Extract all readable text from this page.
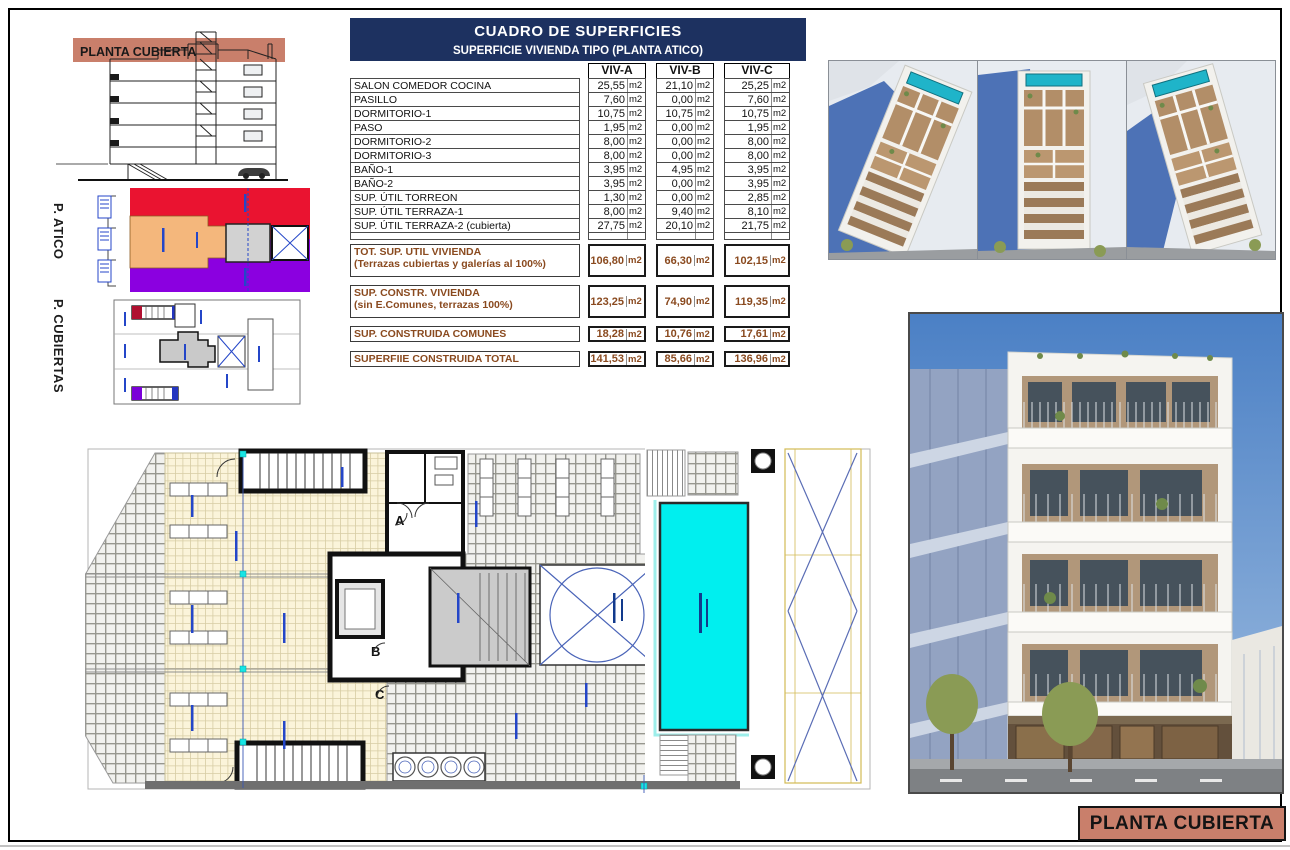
PLANTA CUBIERTA
P. ATICO
P. CUBIERTAS
CUADRO DE SUPERFICIES
SUPERFICIE VIVIENDA TIPO (PLANTA ATICO)
VIV-A	VIV-B	VIV-C
SALON COMEDOR COCINA	25,55 m2	21,10 m2	25,25 m2
PASILLO	7,60 m2	0,00 m2	7,60 m2
DORMITORIO-1	10,75 m2	10,75 m2	10,75 m2
PASO	1,95 m2	0,00 m2	1,95 m2
DORMITORIO-2	8,00 m2	0,00 m2	8,00 m2
DORMITORIO-3	8,00 m2	0,00 m2	8,00 m2
BAÑO-1	3,95 m2	4,95 m2	3,95 m2
BAÑO-2	3,95 m2	0,00 m2	3,95 m2
SUP. ÚTIL TORREON	1,30 m2	0,00 m2	2,85 m2
SUP. ÚTIL TERRAZA-1	8,00 m2	9,40 m2	8,10 m2
SUP. ÚTIL TERRAZA-2 (cubierta)	27,75 m2	20,10 m2	21,75 m2
TOT. SUP. UTIL VIVIENDA
(Terrazas cubiertas y galerías al 100%)	106,80 m2	66,30 m2	102,15 m2
SUP. CONSTR. VIVIENDA
(sin E.Comunes, terrazas 100%)	123,25 m2	74,90 m2	119,35 m2
SUP. CONSTRUIDA COMUNES	18,28 m2	10,76 m2	17,61 m2
SUPERFIIE CONSTRUIDA TOTAL	141,53 m2	85,66 m2	136,96 m2
A
B
C
PLANTA CUBIERTA
